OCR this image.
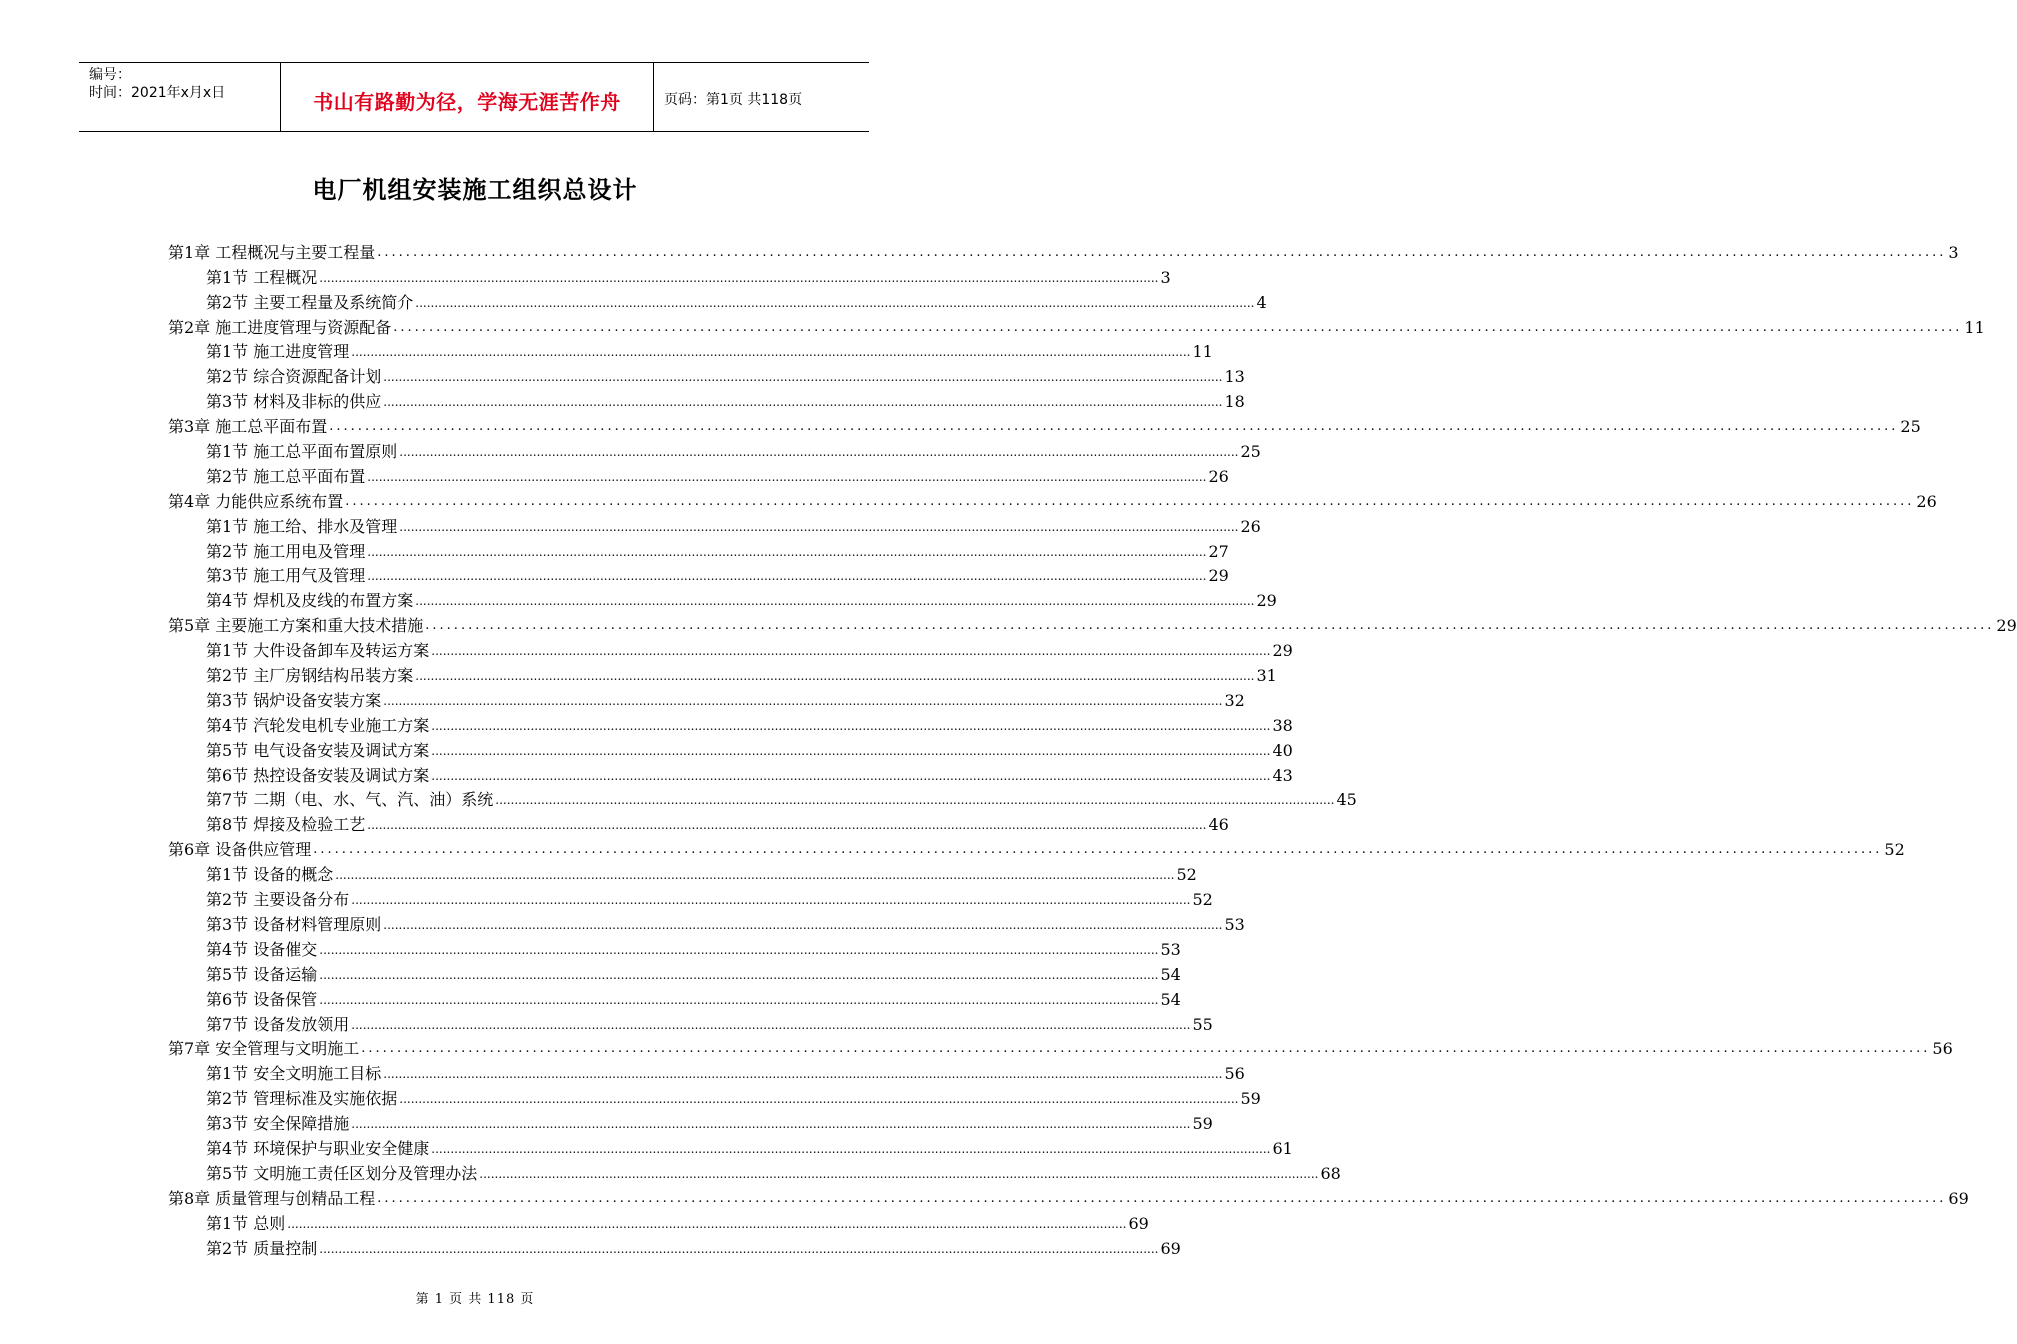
编号：
时间：2021年x月x日	书山有路勤为径，学海无涯苦作舟	页码：第1页 共118页
电厂机组安装施工组织总设计
第1章 工程概况与主要工程量 ............................................................................................................................................................................................................................ 3
第1节 工程概况 ............................................................................................................................................................................................................................ 3
第2节 主要工程量及系统简介 ............................................................................................................................................................................................................................ 4
第2章 施工进度管理与资源配备 ............................................................................................................................................................................................................................ 11
第1节 施工进度管理 ............................................................................................................................................................................................................................ 11
第2节 综合资源配备计划 ............................................................................................................................................................................................................................ 13
第3节 材料及非标的供应 ............................................................................................................................................................................................................................ 18
第3章 施工总平面布置 ............................................................................................................................................................................................................................ 25
第1节 施工总平面布置原则 ............................................................................................................................................................................................................................ 25
第2节 施工总平面布置 ............................................................................................................................................................................................................................ 26
第4章 力能供应系统布置 ............................................................................................................................................................................................................................ 26
第1节 施工给、排水及管理 ............................................................................................................................................................................................................................ 26
第2节 施工用电及管理 ............................................................................................................................................................................................................................ 27
第3节 施工用气及管理 ............................................................................................................................................................................................................................ 29
第4节 焊机及皮线的布置方案 ............................................................................................................................................................................................................................ 29
第5章 主要施工方案和重大技术措施 ............................................................................................................................................................................................................................ 29
第1节 大件设备卸车及转运方案 ............................................................................................................................................................................................................................ 29
第2节 主厂房钢结构吊装方案 ............................................................................................................................................................................................................................ 31
第3节 锅炉设备安装方案 ............................................................................................................................................................................................................................ 32
第4节 汽轮发电机专业施工方案 ............................................................................................................................................................................................................................ 38
第5节 电气设备安装及调试方案 ............................................................................................................................................................................................................................ 40
第6节 热控设备安装及调试方案 ............................................................................................................................................................................................................................ 43
第7节 二期（电、水、气、汽、油）系统 ............................................................................................................................................................................................................................ 45
第8节 焊接及检验工艺 ............................................................................................................................................................................................................................ 46
第6章 设备供应管理 ............................................................................................................................................................................................................................ 52
第1节 设备的概念 ............................................................................................................................................................................................................................ 52
第2节 主要设备分布 ............................................................................................................................................................................................................................ 52
第3节 设备材料管理原则 ............................................................................................................................................................................................................................ 53
第4节 设备催交 ............................................................................................................................................................................................................................ 53
第5节 设备运输 ............................................................................................................................................................................................................................ 54
第6节 设备保管 ............................................................................................................................................................................................................................ 54
第7节 设备发放领用 ............................................................................................................................................................................................................................ 55
第7章 安全管理与文明施工 ............................................................................................................................................................................................................................ 56
第1节 安全文明施工目标 ............................................................................................................................................................................................................................ 56
第2节 管理标准及实施依据 ............................................................................................................................................................................................................................ 59
第3节 安全保障措施 ............................................................................................................................................................................................................................ 59
第4节 环境保护与职业安全健康 ............................................................................................................................................................................................................................ 61
第5节 文明施工责任区划分及管理办法 ............................................................................................................................................................................................................................ 68
第8章 质量管理与创精品工程 ............................................................................................................................................................................................................................ 69
第1节 总则 ............................................................................................................................................................................................................................ 69
第2节 质量控制 ............................................................................................................................................................................................................................ 69
第 1 页 共 118 页
